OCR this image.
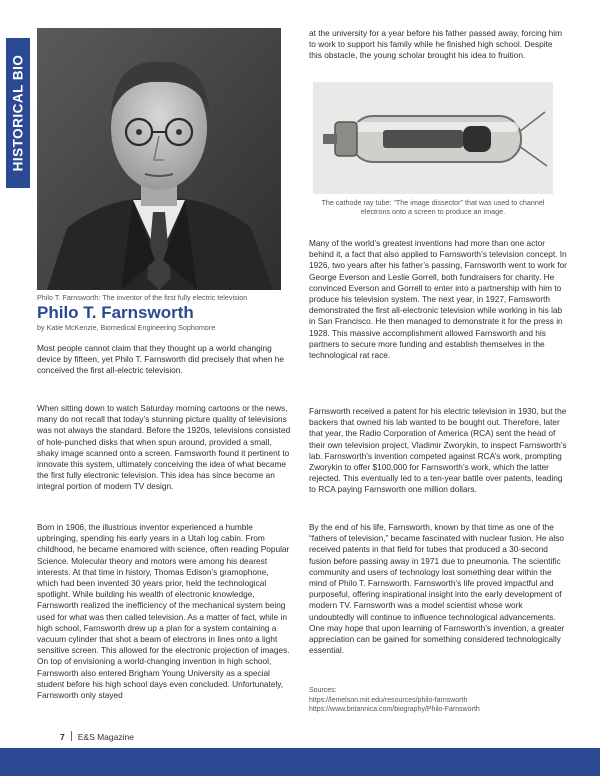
HISTORICAL BIO
Philo T. Farnsworth: The inventor of the first fully electric television
Philo T. Farnsworth
by Katie McKenzie, Biomedical Engineering Sophomore

Most people cannot claim that they thought up a world changing device by fifteen, yet Philo T. Farnsworth did precisely that when he conceived the first all-electric television.

When sitting down to watch Saturday morning cartoons or the news, many do not recall that today’s stunning picture quality of televisions was not always the standard. Before the 1920s, televisions consisted of hole-punched disks that when spun around, provided a small, shaky image scanned onto a screen. Farnsworth found it pertinent to innovate this system, ultimately conceiving the idea of what became the first fully electronic television. This idea has since become an integral portion of modern TV design.

Born in 1906, the illustrious inventor experienced a humble upbringing, spending his early years in a Utah log cabin. From childhood, he became enamored with science, often reading Popular Science. Molecular theory and motors were among his dearest interests. At that time in history, Thomas Edison’s gramophone, which had been invented 30 years prior, held the technological spotlight. While building his wealth of electronic knowledge, Farnsworth realized the inefficiency of the mechanical system being used for what was then called television. As a matter of fact, while in high school, Farnsworth drew up a plan for a system containing a vacuum cylinder that shot a beam of electrons in lines onto a light sensitive screen. This allowed for the electronic projection of images. On top of envisioning a world-changing invention in high school, Farnsworth also entered Brigham Young University as a special student before his high school days even concluded. Unfortunately, Farnsworth only stayed

at the university for a year before his father passed away, forcing him to work to support his family while he finished high school. Despite this obstacle, the young scholar brought his idea to fruition.

The cathode ray tube: “The image dissector” that was used to channel electrons onto a screen to produce an image.

Many of the world’s greatest inventions had more than one actor behind it, a fact that also applied to Farnsworth’s television concept. In 1926, two years after his father’s passing, Farnsworth went to work for George Everson and Leslie Gorrell, both fundraisers for charity. He convinced Everson and Gorrell to enter into a partnership with him to produce his television system. The next year, in 1927, Farnsworth demonstrated the first all-electronic television while working in his lab in San Francisco. He then managed to demonstrate it for the press in 1928. This massive accomplishment allowed Farnsworth and his partners to secure more funding and establish themselves in the technological rat race.

Farnsworth received a patent for his electric television in 1930, but the backers that owned his lab wanted to be bought out. Therefore, later that year, the Radio Corporation of America (RCA) sent the head of their own television project, Vladimir Zworykin, to inspect Farnsworth’s lab. Farnsworth’s invention competed against RCA’s work, prompting Zworykin to offer $100,000 for Farnsworth’s work, which the latter rejected. This eventually led to a ten-year battle over patents, leading to RCA paying Farnsworth one million dollars.

By the end of his life, Farnsworth, known by that time as one of the “fathers of television,” became fascinated with nuclear fusion. He also received patents in that field for tubes that produced a 30-second fusion before passing away in 1971 due to pneumonia. The scientific community and users of technology lost something dear within the mind of Philo T. Farnsworth. Farnsworth’s life proved impactful and purposeful, offering inspirational insight into the early development of modern TV. Farnsworth was a model scientist whose work undoubtedly will continue to influence technological advancements. One may hope that upon learning of Farnsworth’s invention, a greater appreciation can be gained for something considered technologically essential.

Sources:
https://lemelson.mit.edu/resources/philo-farnsworth
https://www.britannica.com/biography/Philo-Farnsworth
7 E&S Magazine
